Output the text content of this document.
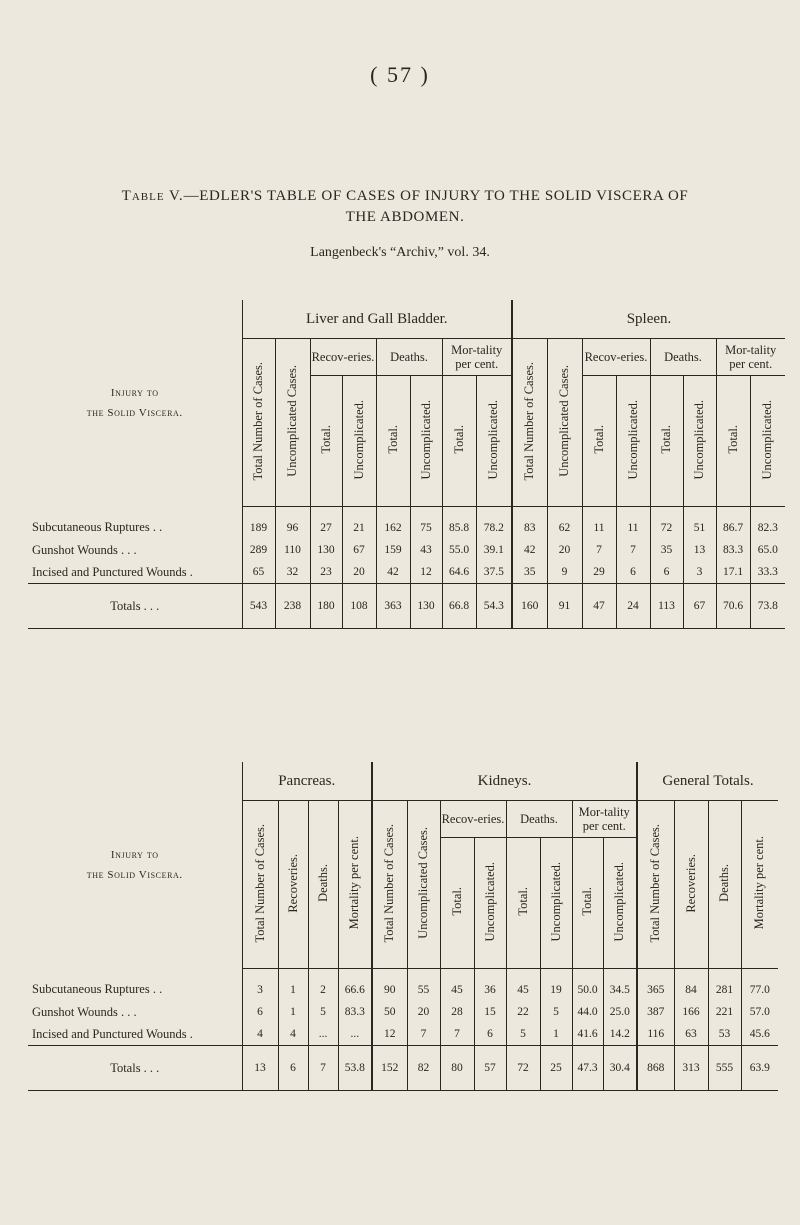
( 57 )
Table V.—EDLER'S TABLE OF CASES OF INJURY TO THE SOLID VISCERA OF
THE ABDOMEN.
Langenbeck's “Archiv,” vol. 34.
Injury to
the Solid Viscera.	Liver and Gall Bladder.								Spleen.							
	Total Number of Cases.	Uncomplicated Cases.	Recov-eries.		Deaths.		Mor-tality per cent.		Total Number of Cases.	Uncomplicated Cases.	Recov-eries.		Deaths.		Mor-tality per cent.	
			Total.	Uncomplicated.	Total.	Uncomplicated.	Total.	Uncomplicated.			Total.	Uncomplicated.	Total.	Uncomplicated.	Total.	Uncomplicated.
Subcutaneous Ruptures . .	189	96	27	21	162	75	85.8	78.2	83	62	11	11	72	51	86.7	82.3
Gunshot Wounds . . .	289	110	130	67	159	43	55.0	39.1	42	20	7	7	35	13	83.3	65.0
Incised and Punctured Wounds .	65	32	23	20	42	12	64.6	37.5	35	9	29	6	6	3	17.1	33.3
Totals . . .	543	238	180	108	363	130	66.8	54.3	160	91	47	24	113	67	70.6	73.8
Injury to
the Solid Viscera.	Pancreas.				Kidneys.								General Totals.			
	Total Number of Cases.	Recoveries.	Deaths.	Mortality per cent.	Total Number of Cases.	Uncomplicated Cases.	Recov-eries.		Deaths.		Mor-tality per cent.		Total Number of Cases.	Recoveries.	Deaths.	Mortality per cent.
							Total.	Uncomplicated.	Total.	Uncomplicated.	Total.	Uncomplicated.				
Subcutaneous Ruptures . .	3	1	2	66.6	90	55	45	36	45	19	50.0	34.5	365	84	281	77.0
Gunshot Wounds . . .	6	1	5	83.3	50	20	28	15	22	5	44.0	25.0	387	166	221	57.0
Incised and Punctured Wounds .	4	4	...	...	12	7	7	6	5	1	41.6	14.2	116	63	53	45.6
Totals . . .	13	6	7	53.8	152	82	80	57	72	25	47.3	30.4	868	313	555	63.9
